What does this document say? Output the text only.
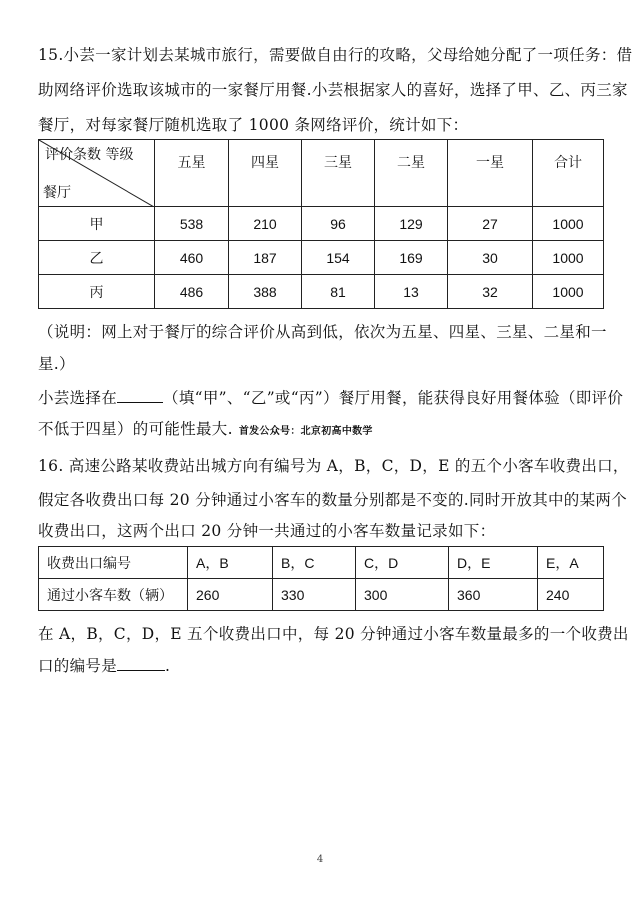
15.小芸一家计划去某城市旅行，需要做自由行的攻略，父母给她分配了一项任务：借
助网络评价选取该城市的一家餐厅用餐.小芸根据家人的喜好，选择了甲、乙、丙三家
餐厅，对每家餐厅随机选取了 1000 条网络评价，统计如下：
评价条数 等级
餐厅	五星	四星	三星	二星	一星	合计
甲	538	210	96	129	27	1000
乙	460	187	154	169	30	1000
丙	486	388	81	13	32	1000
（说明：网上对于餐厅的综合评价从高到低，依次为五星、四星、三星、二星和一
星.）
小芸选择在	（填“甲”、“乙”或“丙”）餐厅用餐，能获得良好用餐体验（即评价
不低于四星）的可能性最大. 首发公众号：北京初高中数学
16. 高速公路某收费站出城方向有编号为 A，B，C，D，E 的五个小客车收费出口，
假定各收费出口每 20 分钟通过小客车的数量分别都是不变的.同时开放其中的某两个
收费出口，这两个出口 20 分钟一共通过的小客车数量记录如下：
收费出口编号	A，B	B，C	C，D	D，E	E，A
通过小客车数（辆）	260	330	300	360	240
在 A，B，C，D，E 五个收费出口中，每 20 分钟通过小客车数量最多的一个收费出
口的编号是	.
4
